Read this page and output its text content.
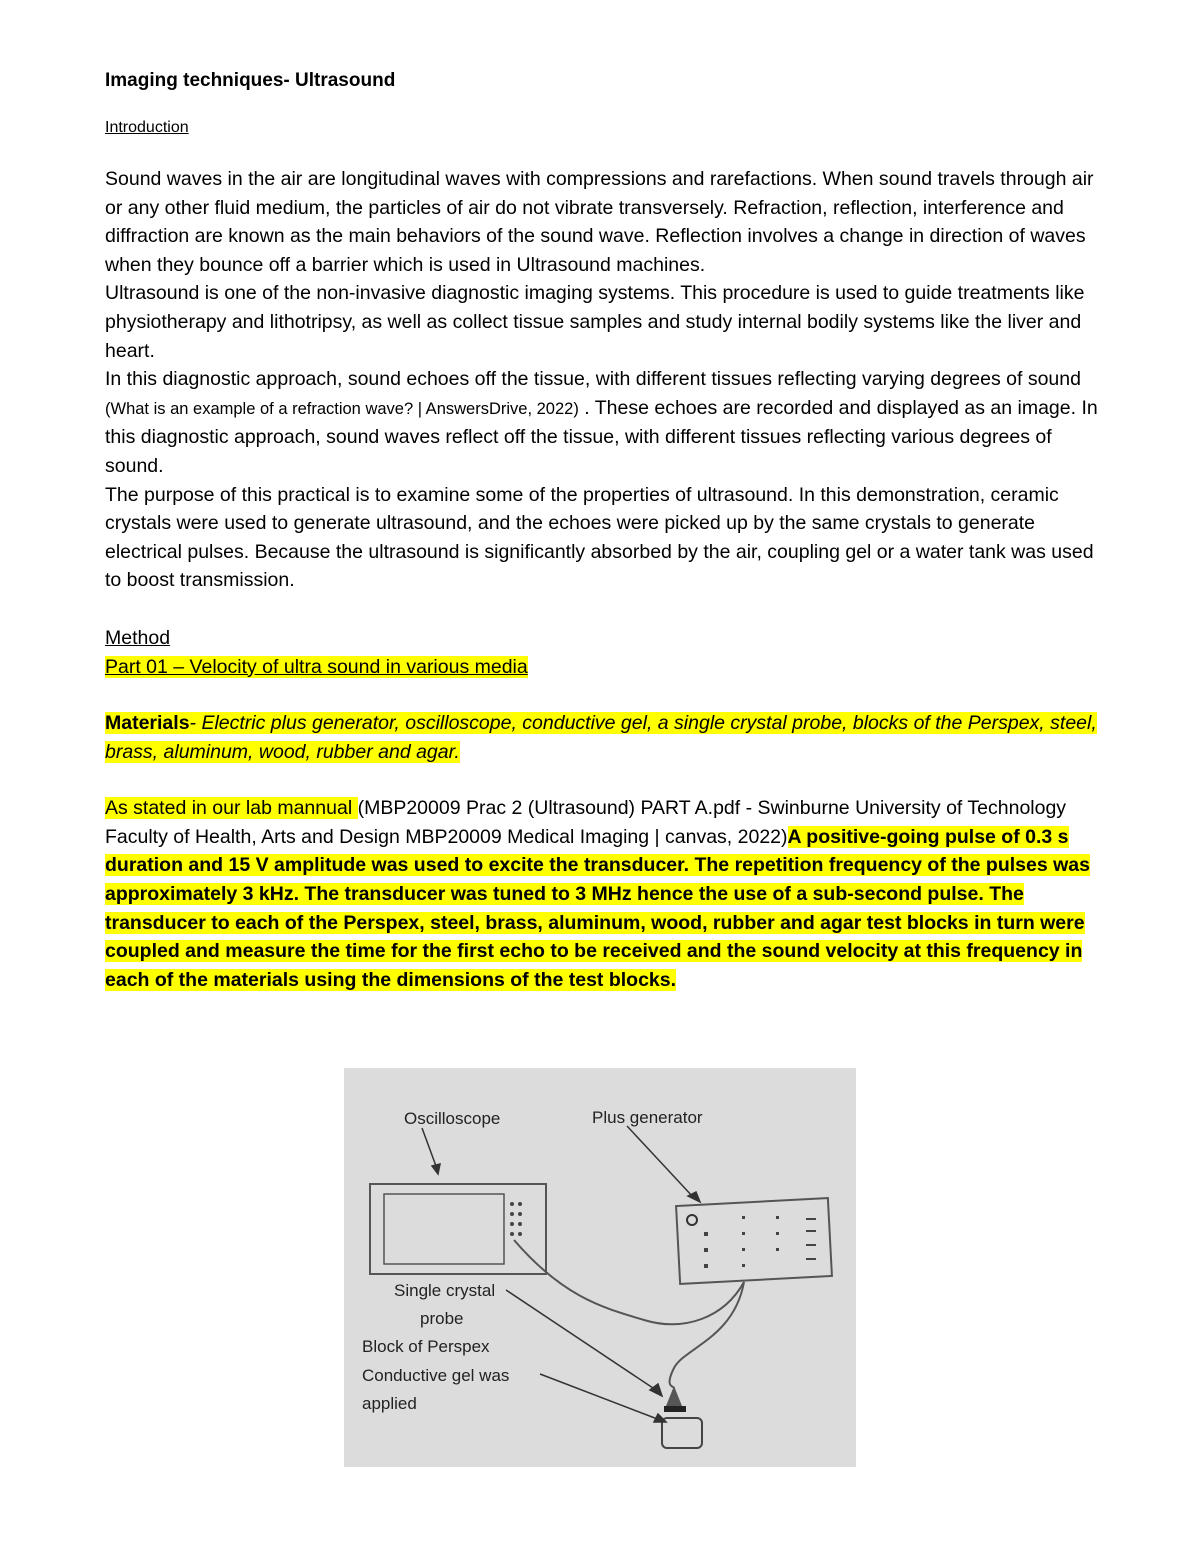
Imaging techniques- Ultrasound
Introduction

Sound waves in the air are longitudinal waves with compressions and rarefactions. When sound travels through air or any other fluid medium, the particles of air do not vibrate transversely. Refraction, reflection, interference and diffraction are known as the main behaviors of the sound wave. Reflection involves a change in direction of waves when they bounce off a barrier which is used in Ultrasound machines.

Ultrasound is one of the non-invasive diagnostic imaging systems. This procedure is used to guide treatments like physiotherapy and lithotripsy, as well as collect tissue samples and study internal bodily systems like the liver and heart.

In this diagnostic approach, sound echoes off the tissue, with different tissues reflecting varying degrees of sound (What is an example of a refraction wave? | AnswersDrive, 2022) . These echoes are recorded and displayed as an image. In this diagnostic approach, sound waves reflect off the tissue, with different tissues reflecting various degrees of sound.

The purpose of this practical is to examine some of the properties of ultrasound. In this demonstration, ceramic crystals were used to generate ultrasound, and the echoes were picked up by the same crystals to generate electrical pulses. Because the ultrasound is significantly absorbed by the air, coupling gel or a water tank was used to boost transmission.

Method
Part 01 – Velocity of ultra sound in various media
Materials- Electric plus generator, oscilloscope, conductive gel, a single crystal probe, blocks of the Perspex, steel, brass, aluminum, wood, rubber and agar.
As stated in our lab mannual (MBP20009 Prac 2 (Ultrasound) PART A.pdf - Swinburne University of Technology Faculty of Health, Arts and Design MBP20009 Medical Imaging | canvas, 2022)A positive-going pulse of 0.3 s duration and 15 V amplitude was used to excite the transducer. The repetition frequency of the pulses was approximately 3 kHz. The transducer was tuned to 3 MHz hence the use of a sub-second pulse. The transducer to each of the Perspex, steel, brass, aluminum, wood, rubber and agar test blocks in turn were coupled and measure the time for the first echo to be received and the sound velocity at this frequency in each of the materials using the dimensions of the test blocks.
Oscilloscope	Plus generator
Single crystal
probe
Block of Perspex
Conductive gel was
applied
